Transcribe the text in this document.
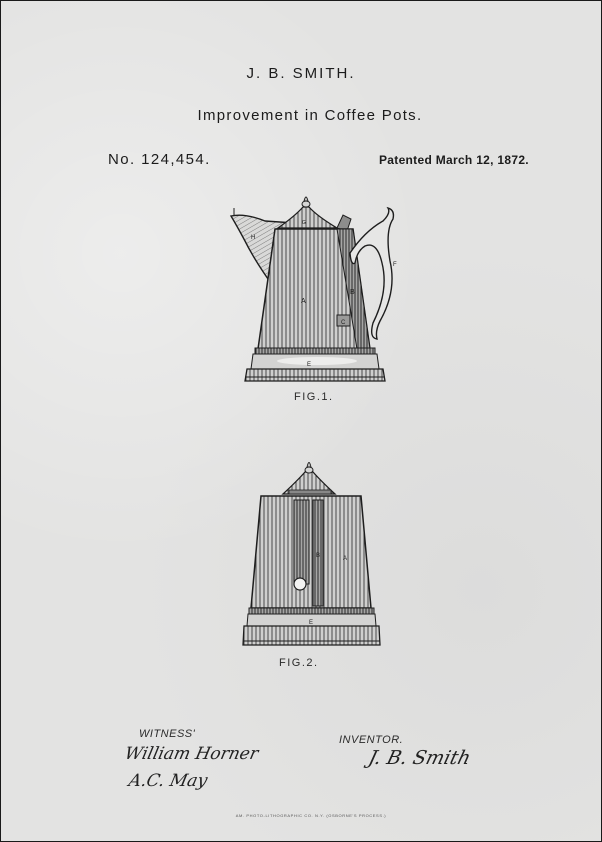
J. B. SMITH.
Improvement in Coffee Pots.
No. 124,454.	Patented March 12, 1872.
H
G
A
B
C
F
E
FIG.1.
B	A
E
FIG.2.
WITNESS'
William Horner
A.C. May
INVENTOR.
J. B. Smith
AM. PHOTO-LITHOGRAPHIC CO. N.Y. (OSBORNE'S PROCESS.)
